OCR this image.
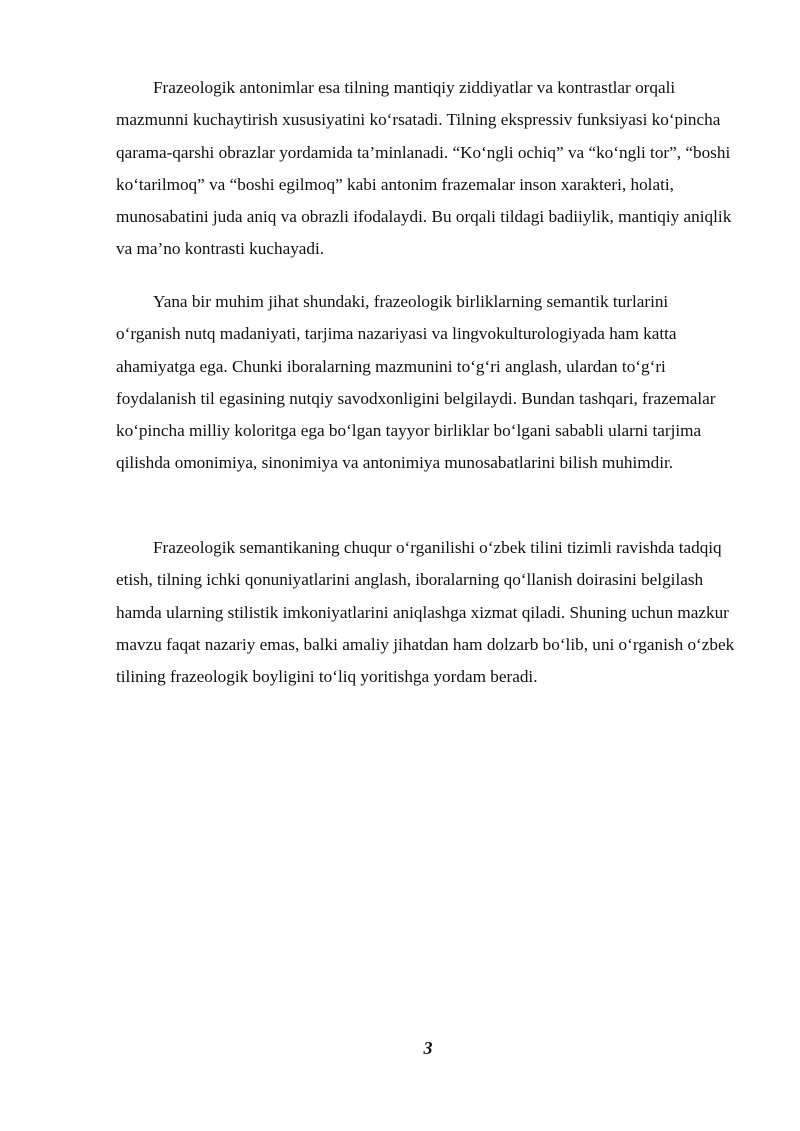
Frazeologik antonimlar esa tilning mantiqiy ziddiyatlar va kontrastlar orqali mazmunni kuchaytirish xususiyatini ko‘rsatadi. Tilning ekspressiv funksiyasi ko‘pincha qarama-qarshi obrazlar yordamida ta’minlanadi. “Ko‘ngli ochiq” va “ko‘ngli tor”, “boshi ko‘tarilmoq” va “boshi egilmoq” kabi antonim frazemalar inson xarakteri, holati, munosabatini juda aniq va obrazli ifodalaydi. Bu orqali tildagi badiiylik, mantiqiy aniqlik va ma’no kontrasti kuchayadi.

Yana bir muhim jihat shundaki, frazeologik birliklarning semantik turlarini o‘rganish nutq madaniyati, tarjima nazariyasi va lingvokulturologiyada ham katta ahamiyatga ega. Chunki iboralarning mazmunini to‘g‘ri anglash, ulardan to‘g‘ri foydalanish til egasining nutqiy savodxonligini belgilaydi. Bundan tashqari, frazemalar ko‘pincha milliy koloritga ega bo‘lgan tayyor birliklar bo‘lgani sababli ularni tarjima qilishda omonimiya, sinonimiya va antonimiya munosabatlarini bilish muhimdir.

Frazeologik semantikaning chuqur o‘rganilishi o‘zbek tilini tizimli ravishda tadqiq etish, tilning ichki qonuniyatlarini anglash, iboralarning qo‘llanish doirasini belgilash hamda ularning stilistik imkoniyatlarini aniqlashga xizmat qiladi. Shuning uchun mazkur mavzu faqat nazariy emas, balki amaliy jihatdan ham dolzarb bo‘lib, uni o‘rganish o‘zbek tilining frazeologik boyligini to‘liq yoritishga yordam beradi.

3
